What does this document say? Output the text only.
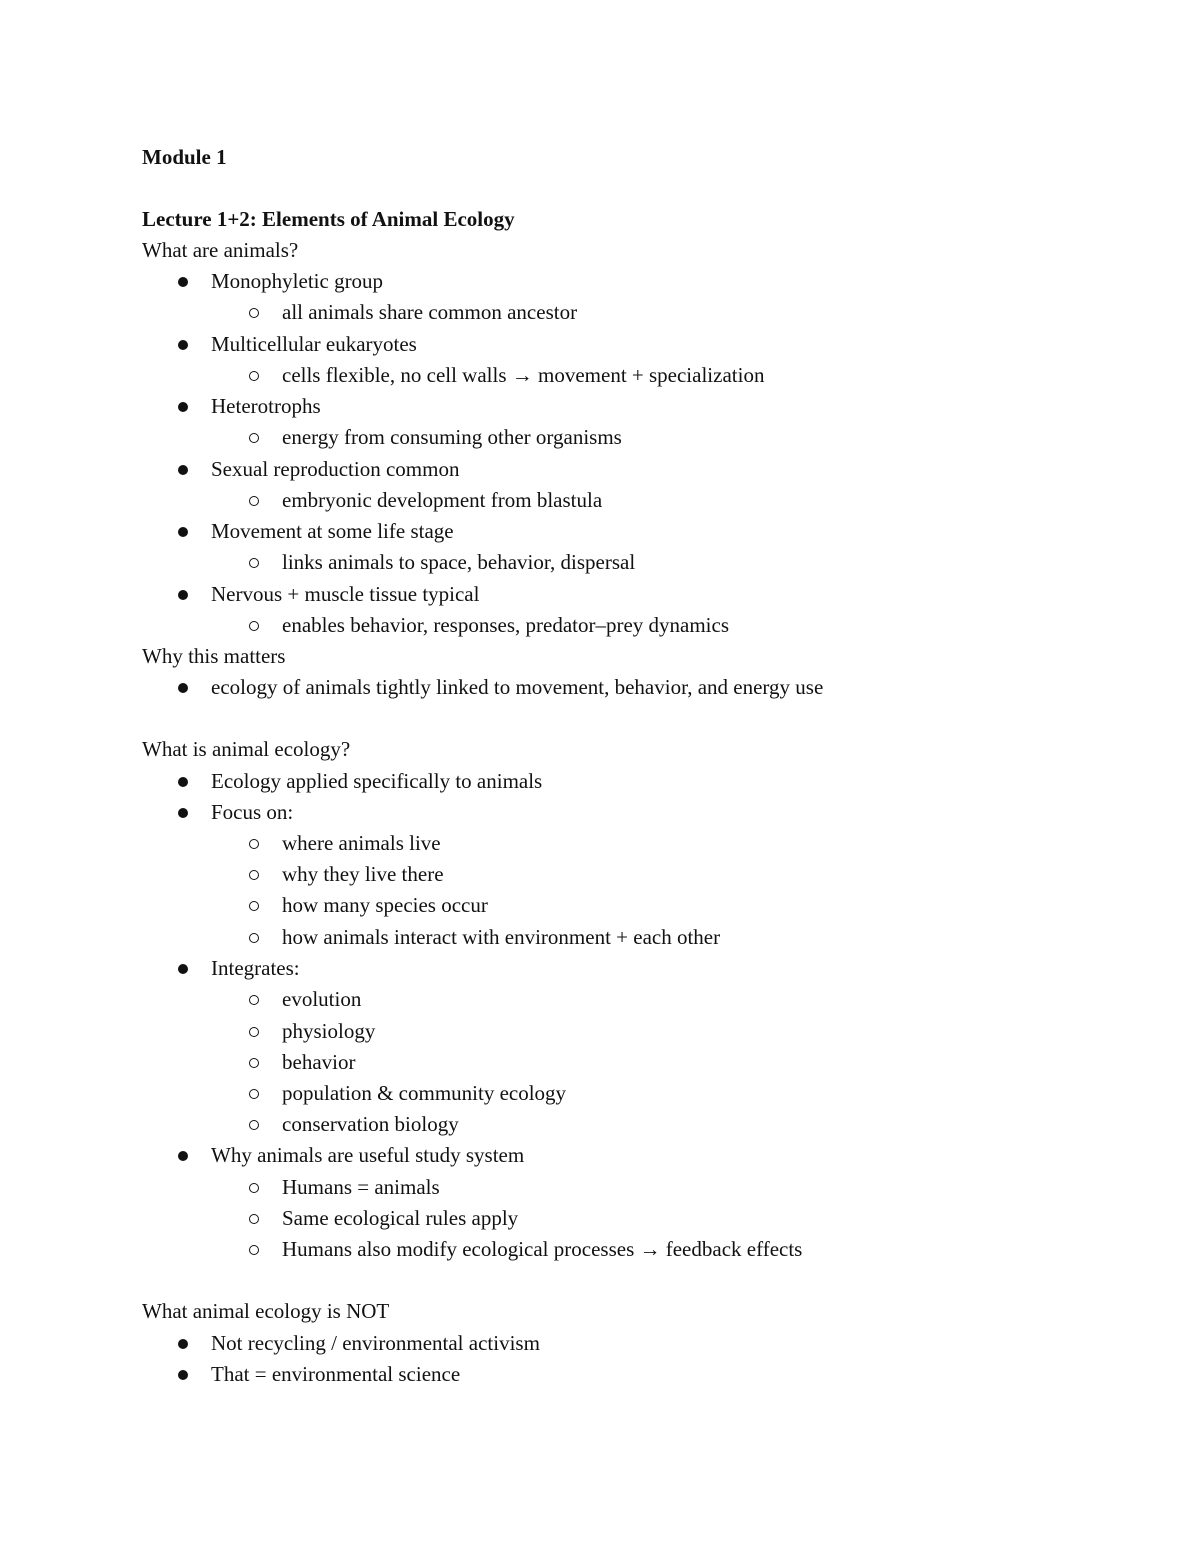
Module 1
Lecture 1+2: Elements of Animal Ecology
What are animals?
Monophyletic group
all animals share common ancestor
Multicellular eukaryotes
cells flexible, no cell walls → movement + specialization
Heterotrophs
energy from consuming other organisms
Sexual reproduction common
embryonic development from blastula
Movement at some life stage
links animals to space, behavior, dispersal
Nervous + muscle tissue typical
enables behavior, responses, predator–prey dynamics
Why this matters
ecology of animals tightly linked to movement, behavior, and energy use
What is animal ecology?
Ecology applied specifically to animals
Focus on:
where animals live
why they live there
how many species occur
how animals interact with environment + each other
Integrates:
evolution
physiology
behavior
population & community ecology
conservation biology
Why animals are useful study system
Humans = animals
Same ecological rules apply
Humans also modify ecological processes → feedback effects
What animal ecology is NOT
Not recycling / environmental activism
That = environmental science
